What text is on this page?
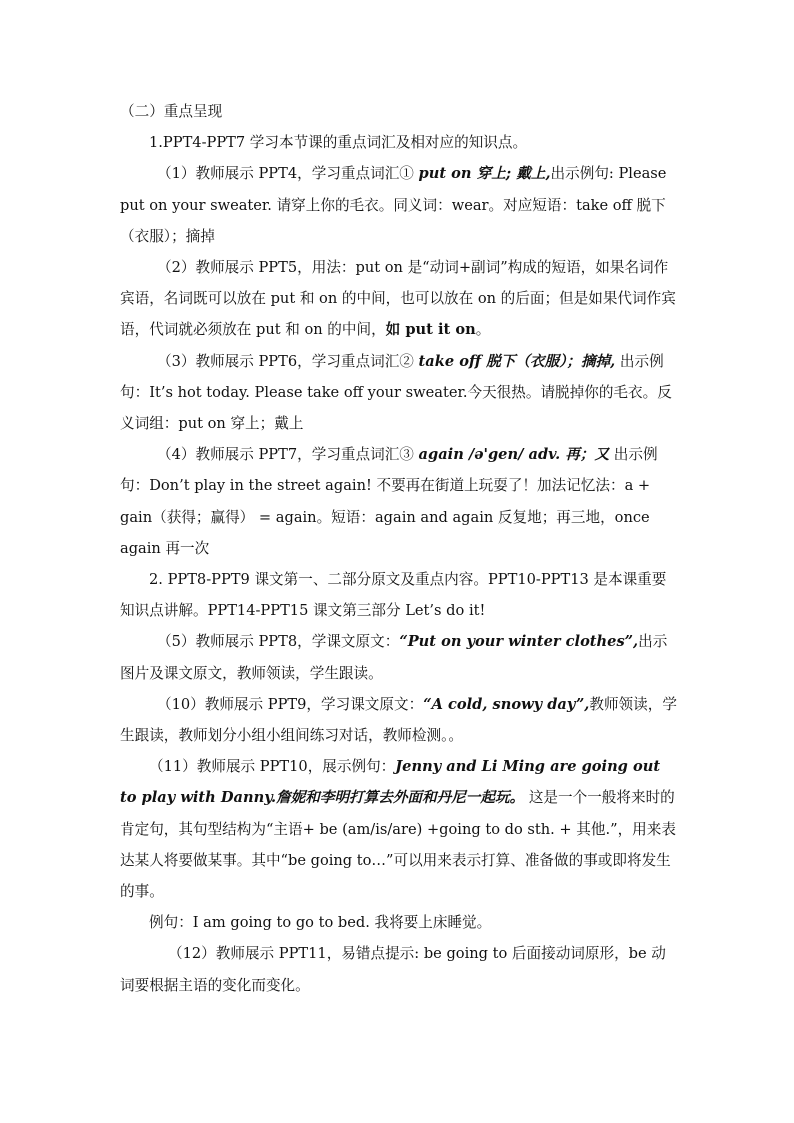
（二）重点呈现

1.PPT4-PPT7 学习本节课的重点词汇及相对应的知识点。

（1）教师展示 PPT4，学习重点词汇① put on 穿上; 戴上,出示例句: Please put on your sweater. 请穿上你的毛衣。同义词：wear。对应短语：take off 脱下（衣服）；摘掉

（2）教师展示 PPT5，用法：put on 是“动词+副词”构成的短语，如果名词作宾语，名词既可以放在 put 和 on 的中间，也可以放在 on 的后面；但是如果代词作宾语，代词就必须放在 put 和 on 的中间，如 put it on。

（3）教师展示 PPT6，学习重点词汇② take off 脱下（衣服）；摘掉, 出示例句：It’s hot today. Please take off your sweater.今天很热。请脱掉你的毛衣。反义词组：put on 穿上；戴上

（4）教师展示 PPT7，学习重点词汇③ again /ə'gen/ adv. 再；又 出示例句：Don’t play in the street again! 不要再在街道上玩耍了！加法记忆法：a + gain（获得；赢得） = again。短语：again and again 反复地；再三地，once again 再一次

2. PPT8-PPT9 课文第一、二部分原文及重点内容。PPT10-PPT13 是本课重要知识点讲解。PPT14-PPT15 课文第三部分 Let’s do it!

（5）教师展示 PPT8，学课文原文：“Put on your winter clothes”,出示图片及课文原文，教师领读，学生跟读。

（10）教师展示 PPT9，学习课文原文：“A cold, snowy day”,教师领读，学生跟读，教师划分小组小组间练习对话，教师检测。。

（11）教师展示 PPT10，展示例句：Jenny and Li Ming are going out to play with Danny.詹妮和李明打算去外面和丹尼一起玩。 这是一个一般将来时的肯定句，其句型结构为“主语+ be (am/is/are) +going to do sth. + 其他.”，用来表达某人将要做某事。其中“be going to…”可以用来表示打算、准备做的事或即将发生的事。

例句：I am going to go to bed. 我将要上床睡觉。

（12）教师展示 PPT11，易错点提示: be going to 后面接动词原形，be 动词要根据主语的变化而变化。
